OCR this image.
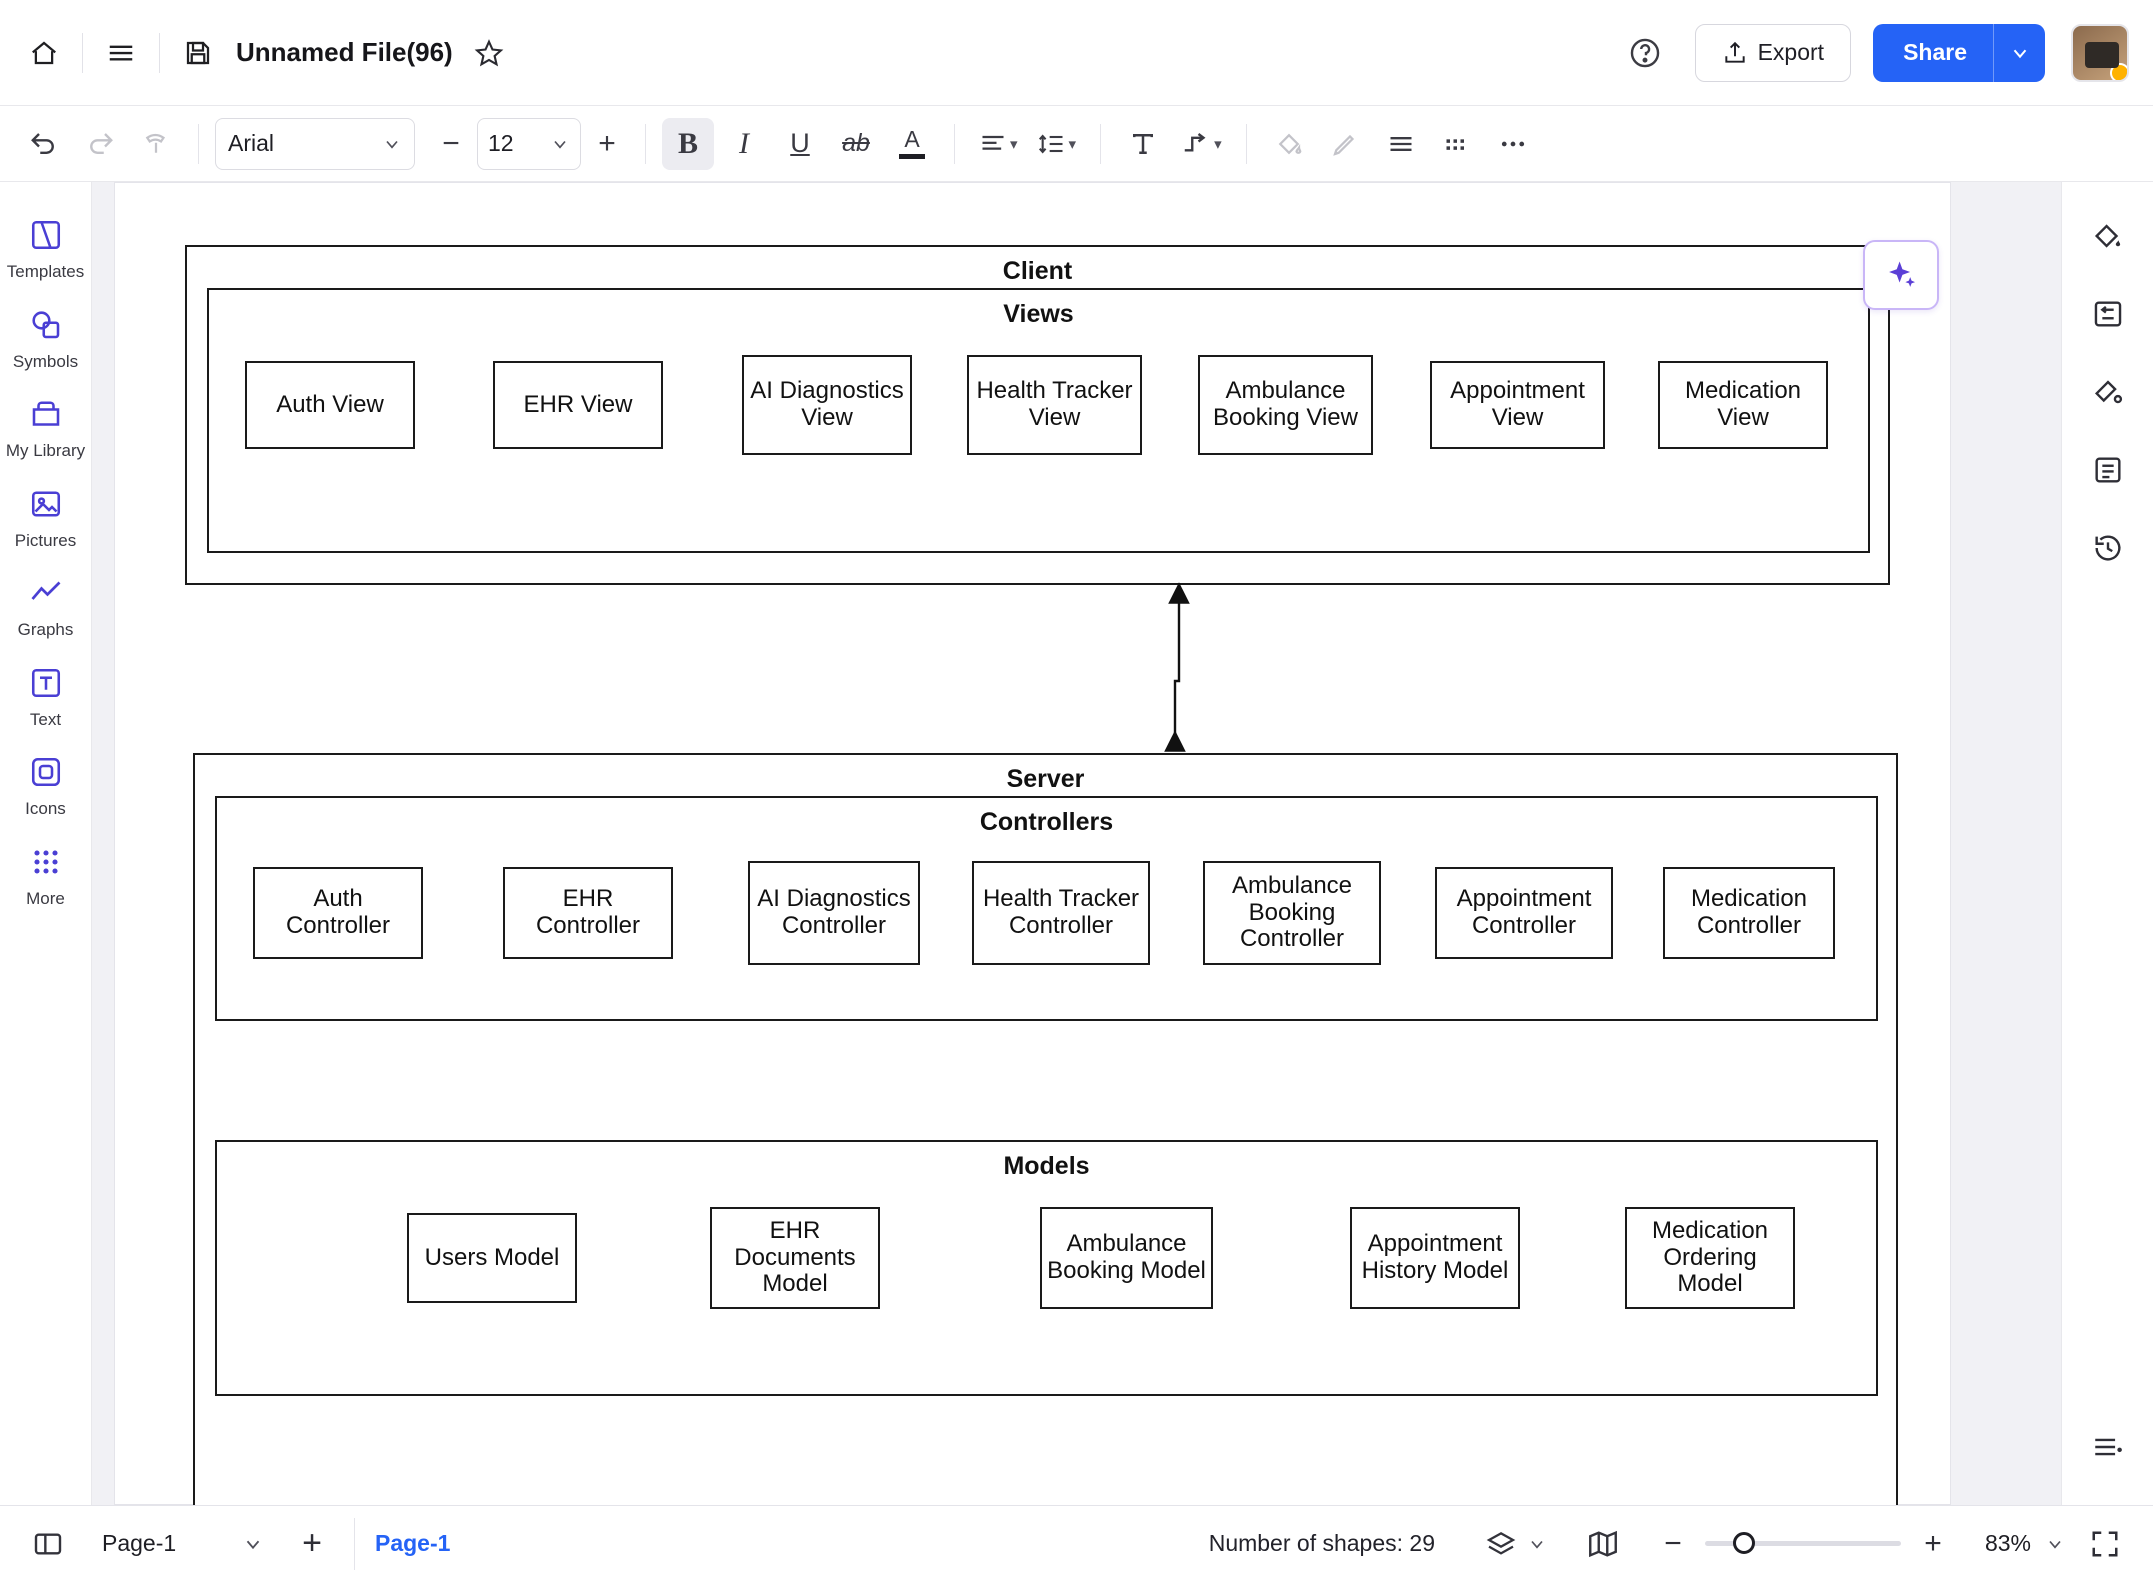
Unnamed File(96)	Export	Share
Arial	−	12	+	B	I	U	ab	A	▾	▾	▾
Templates
Symbols
My Library
Pictures
Graphs
Text
Icons
More
Client
Views
Auth View	EHR View	AI Diagnostics View
Health Tracker View
Ambulance Booking View
Appointment View
Medication View
Server
Controllers
Auth Controller
EHR Controller
AI Diagnostics Controller
Health Tracker Controller
Ambulance Booking Controller
Appointment Controller
Medication Controller
Models
Users Model
EHR Documents Model
Ambulance Booking Model
Appointment History Model
Medication Ordering Model
Page-1	+	Page-1	Number of shapes: 29	−	+	83%
